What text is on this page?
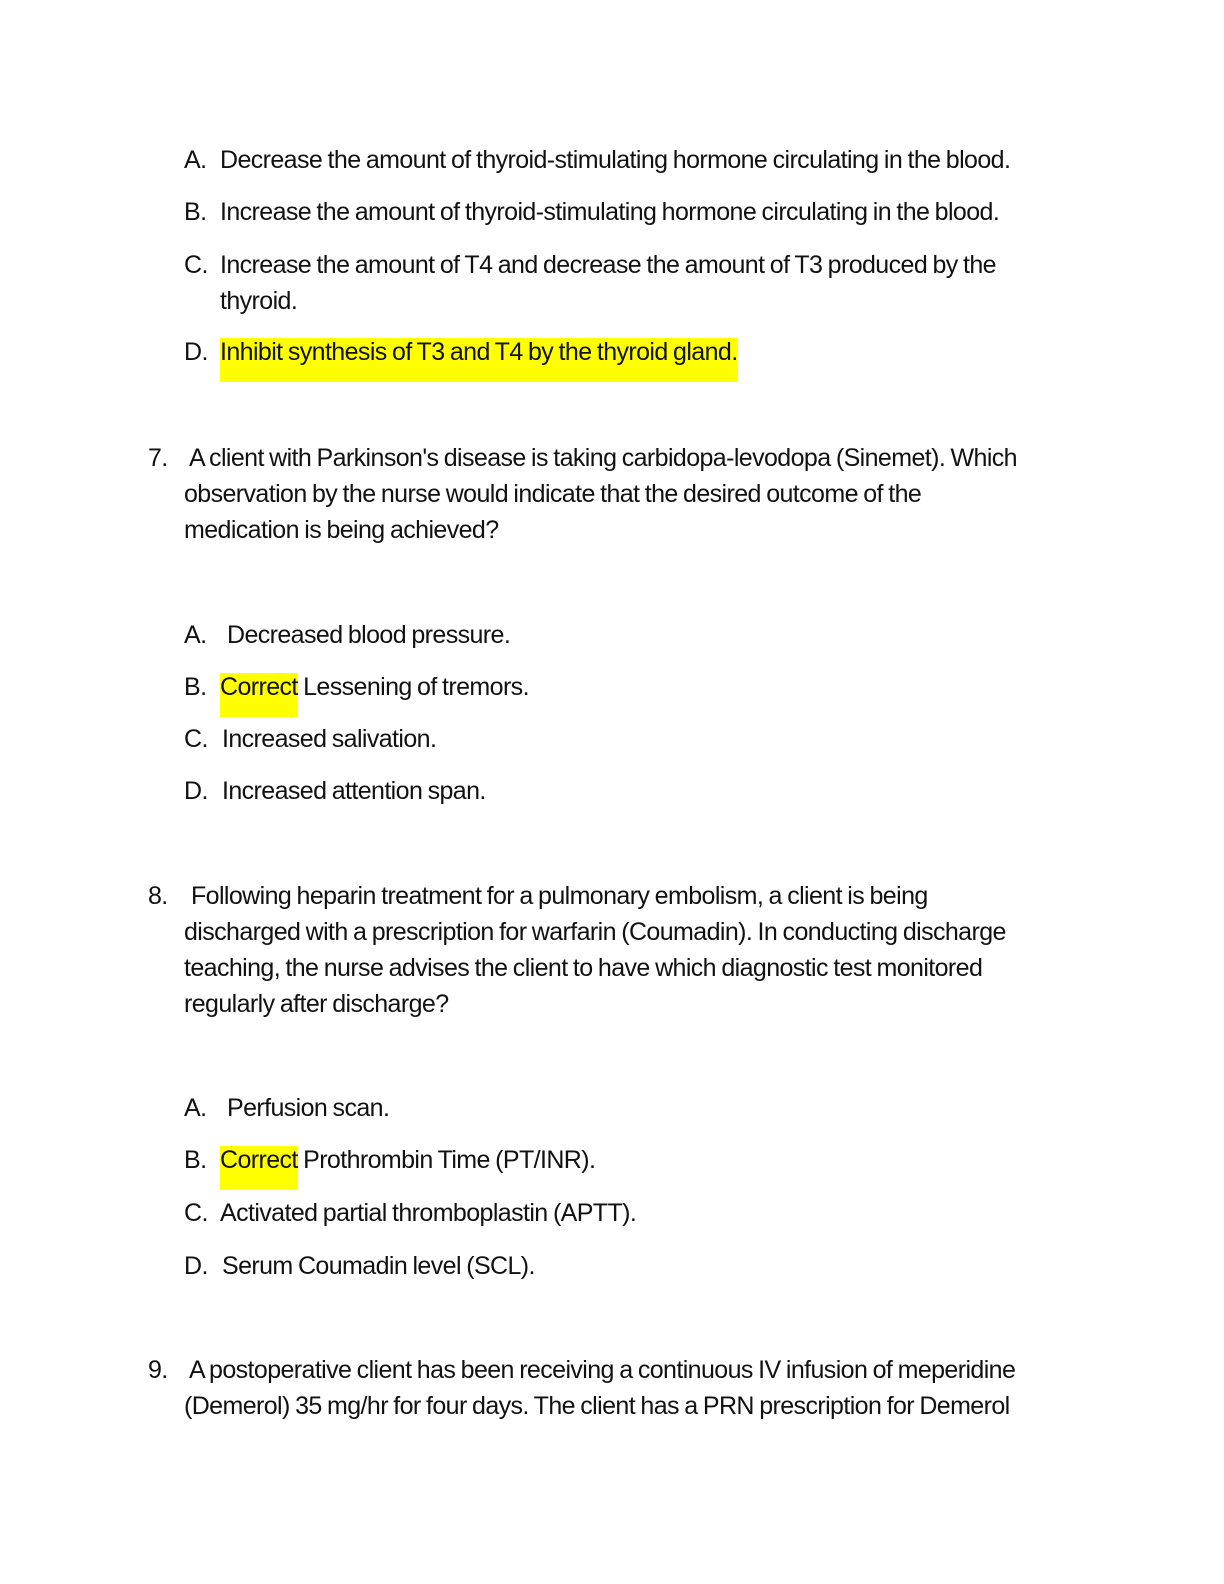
A. Decrease the amount of thyroid-stimulating hormone circulating in the blood.
B. Increase the amount of thyroid-stimulating hormone circulating in the blood.
C. Increase the amount of T4 and decrease the amount of T3 produced by the
thyroid.
D. Inhibit synthesis of T3 and T4 by the thyroid gland.
7. A client with Parkinson's disease is taking carbidopa-levodopa (Sinemet). Which
observation by the nurse would indicate that the desired outcome of the
medication is being achieved?
A. Decreased blood pressure.
B. Correct Lessening of tremors.
C. Increased salivation.
D. Increased attention span.
8. Following heparin treatment for a pulmonary embolism, a client is being
discharged with a prescription for warfarin (Coumadin). In conducting discharge
teaching, the nurse advises the client to have which diagnostic test monitored
regularly after discharge?
A. Perfusion scan.
B. Correct Prothrombin Time (PT/INR).
C. Activated partial thromboplastin (APTT).
D. Serum Coumadin level (SCL).
9. A postoperative client has been receiving a continuous IV infusion of meperidine
(Demerol) 35 mg/hr for four days. The client has a PRN prescription for Demerol
